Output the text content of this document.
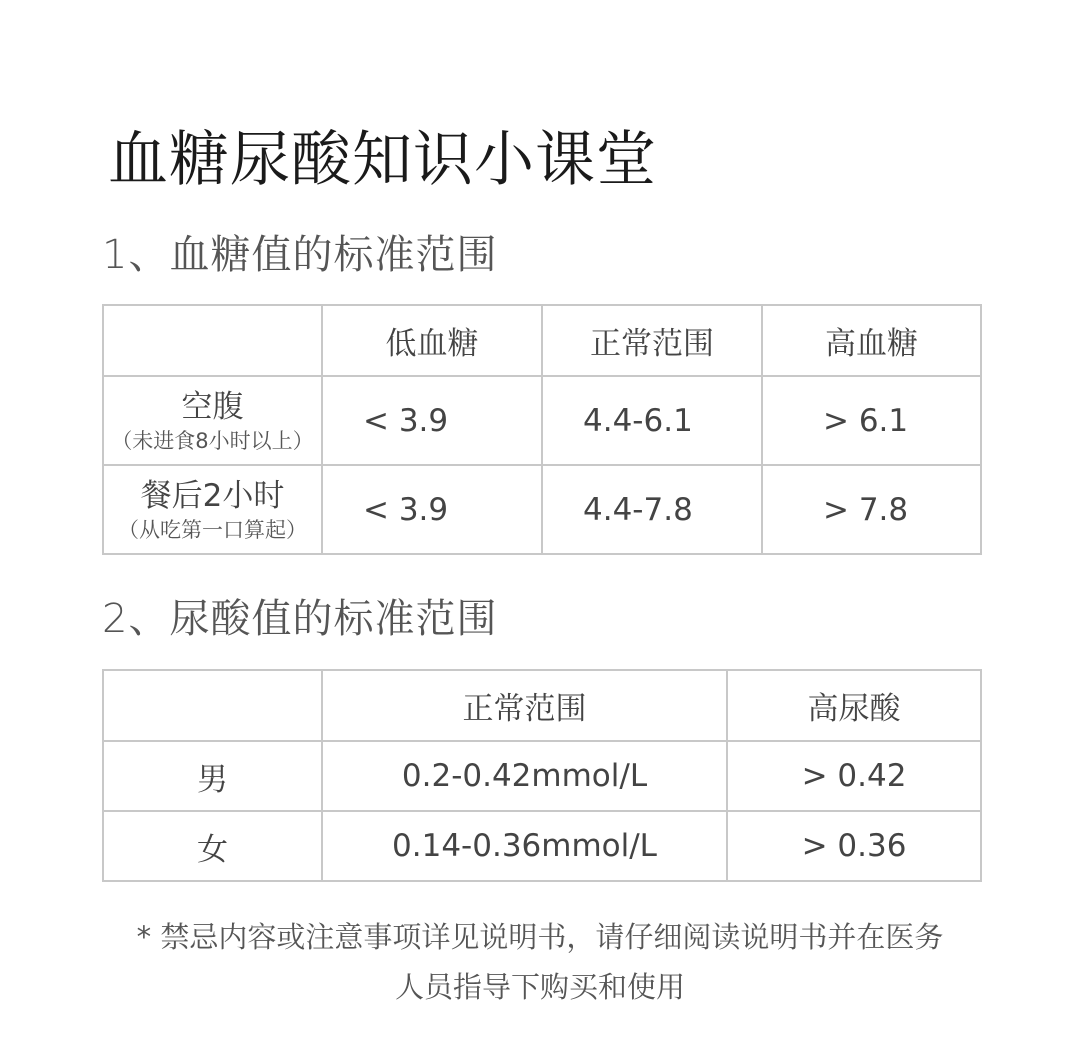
血糖尿酸知识小课堂
1、血糖值的标准范围
	低血糖	正常范围	高血糖

空腹
（未进食8小时以上）	< 3.9	4.4-6.1	> 6.1

餐后2小时
（从吃第一口算起）	< 3.9	4.4-7.8	> 7.8
2、尿酸值的标准范围
	正常范围	高尿酸
男	0.2-0.42mmol/L	> 0.42
女	0.14-0.36mmol/L	> 0.36
* 禁忌内容或注意事项详见说明书，请仔细阅读说明书并在医务
人员指导下购买和使用
